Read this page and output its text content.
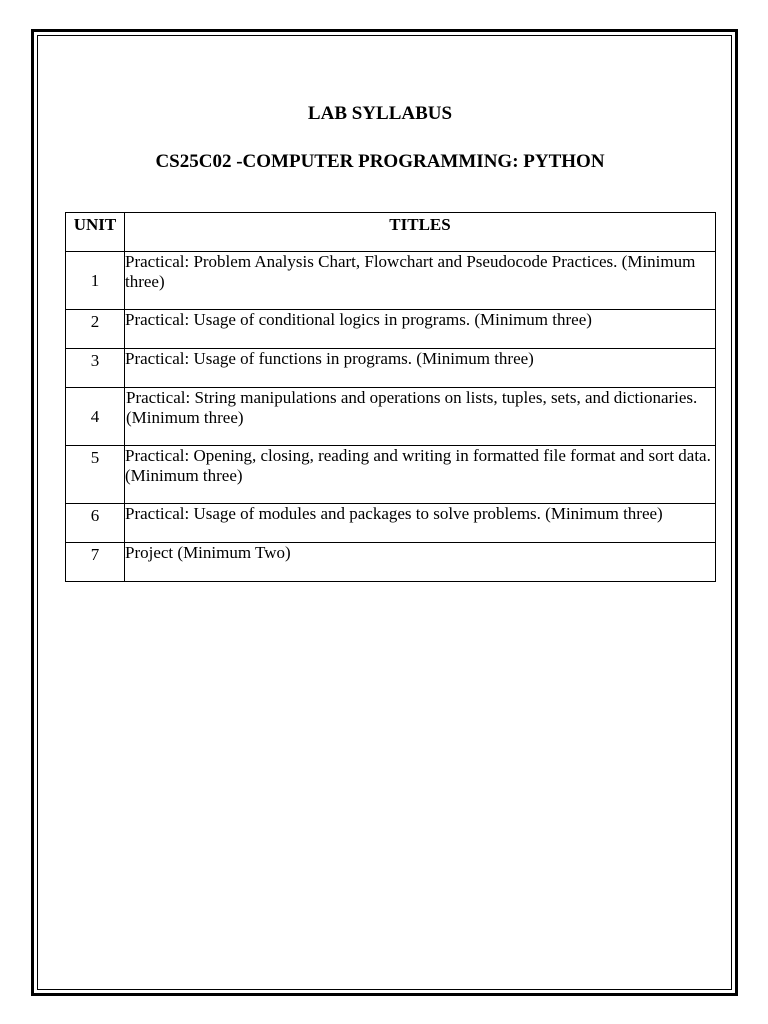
LAB SYLLABUS
CS25C02 -COMPUTER PROGRAMMING: PYTHON
UNIT	TITLES
1	Practical: Problem Analysis Chart, Flowchart and Pseudocode Practices. (Minimum three)
2	Practical: Usage of conditional logics in programs. (Minimum three)
3	Practical: Usage of functions in programs. (Minimum three)
4	Practical: String manipulations and operations on lists, tuples, sets, and dictionaries. (Minimum three)
5	Practical: Opening, closing, reading and writing in formatted file format and sort data. (Minimum three)
6	Practical: Usage of modules and packages to solve problems. (Minimum three)
7	Project (Minimum Two)
